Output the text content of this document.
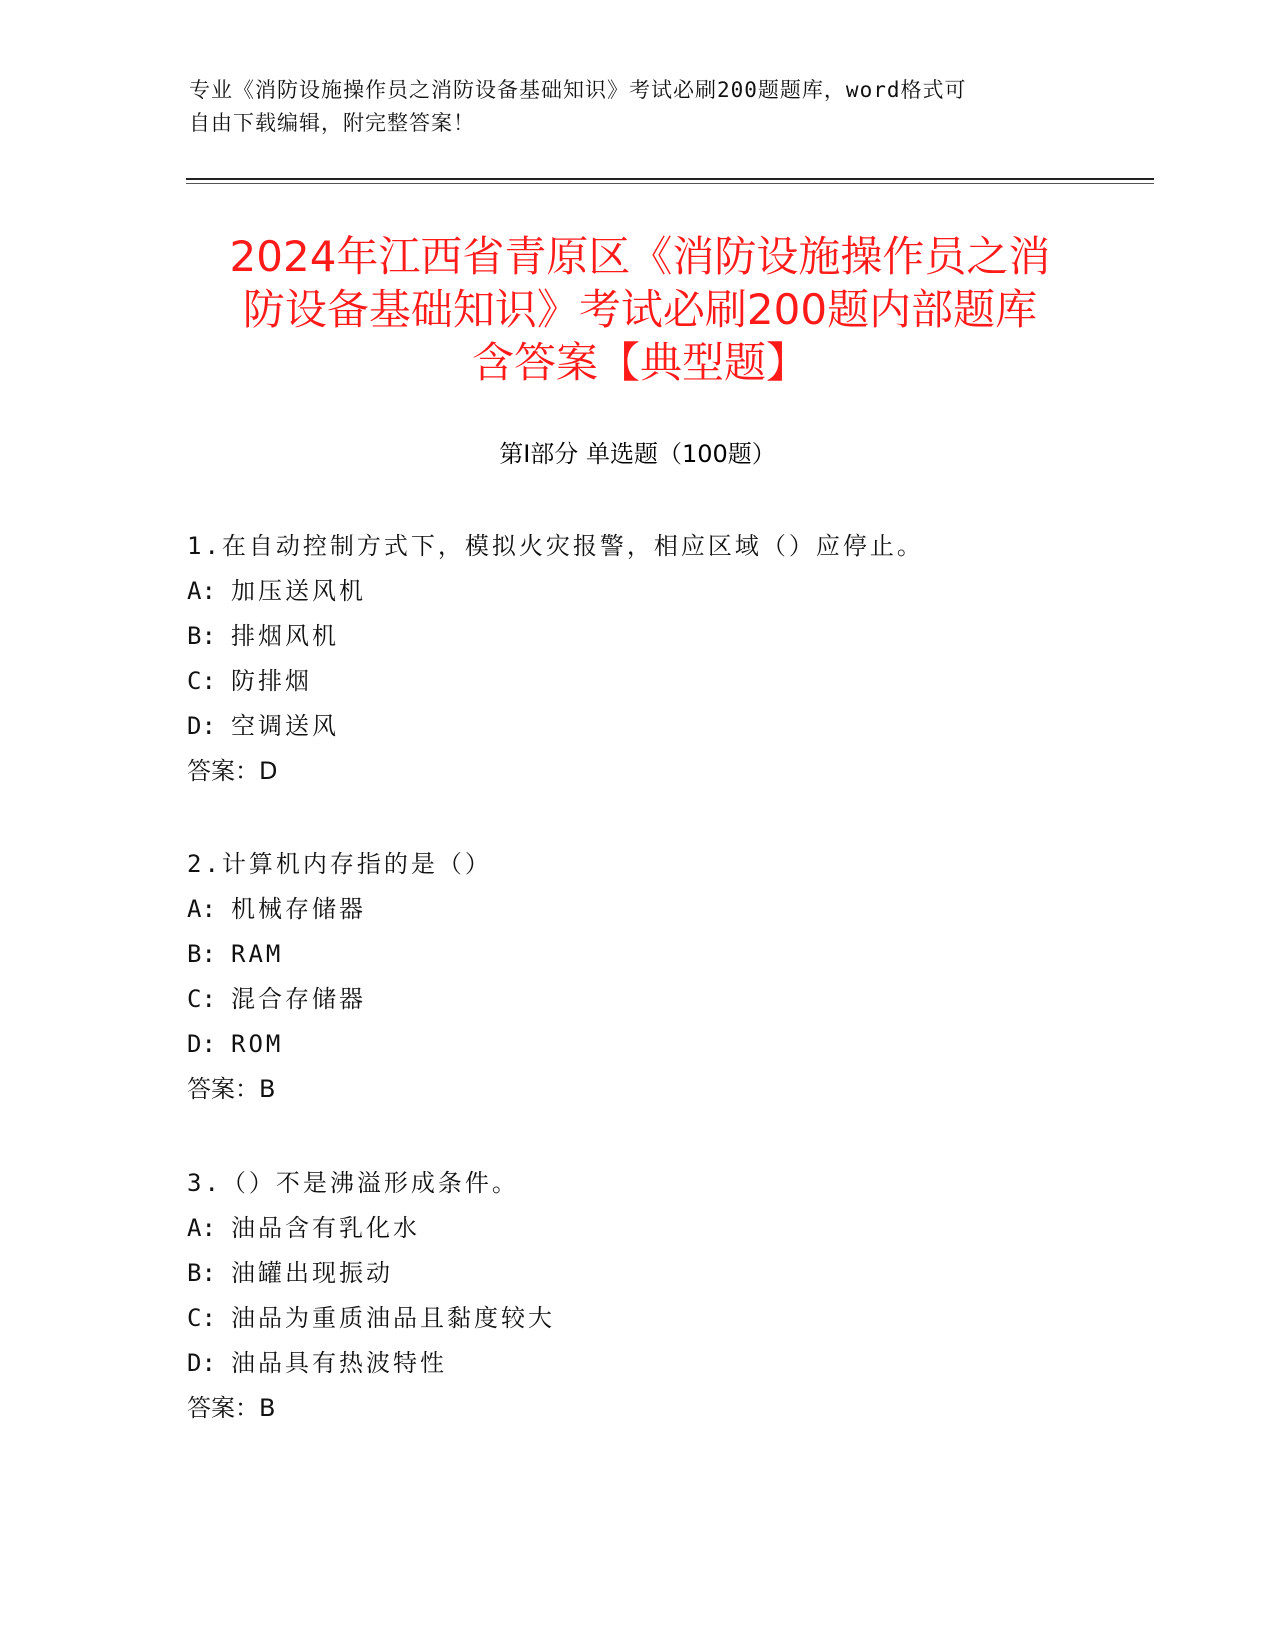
专业《消防设施操作员之消防设备基础知识》考试必刷200题题库，word格式可
自由下载编辑，附完整答案！
2024年江西省青原区《消防设施操作员之消
防设备基础知识》考试必刷200题内部题库
含答案【典型题】
第Ⅰ部分 单选题（100题）
1.在自动控制方式下，模拟火灾报警，相应区域（）应停止。
A: 加压送风机
B: 排烟风机
C: 防排烟
D: 空调送风
答案：D
2.计算机内存指的是（）
A: 机械存储器
B: RAM
C: 混合存储器
D: ROM
答案：B
3.（）不是沸溢形成条件。
A: 油品含有乳化水
B: 油罐出现振动
C: 油品为重质油品且黏度较大
D: 油品具有热波特性
答案：B
